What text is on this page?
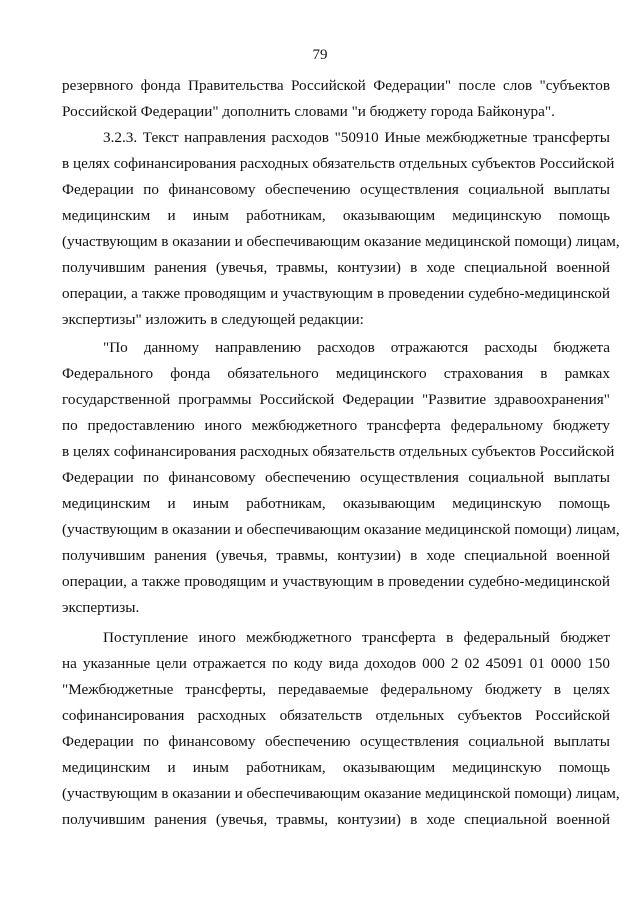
79
резервного фонда Правительства Российской Федерации" после слов "субъектов
Российской Федерации" дополнить словами "и бюджету города Байконура".
3.2.3. Текст направления расходов "50910 Иные межбюджетные трансферты
в целях софинансирования расходных обязательств отдельных субъектов Российской
Федерации по финансовому обеспечению осуществления социальной выплаты
медицинским и иным работникам, оказывающим медицинскую помощь
(участвующим в оказании и обеспечивающим оказание медицинской помощи) лицам,
получившим ранения (увечья, травмы, контузии) в ходе специальной военной
операции, а также проводящим и участвующим в проведении судебно-медицинской
экспертизы" изложить в следующей редакции:
"По данному направлению расходов отражаются расходы бюджета
Федерального фонда обязательного медицинского страхования в рамках
государственной программы Российской Федерации "Развитие здравоохранения"
по предоставлению иного межбюджетного трансферта федеральному бюджету
в целях софинансирования расходных обязательств отдельных субъектов Российской
Федерации по финансовому обеспечению осуществления социальной выплаты
медицинским и иным работникам, оказывающим медицинскую помощь
(участвующим в оказании и обеспечивающим оказание медицинской помощи) лицам,
получившим ранения (увечья, травмы, контузии) в ходе специальной военной
операции, а также проводящим и участвующим в проведении судебно-медицинской
экспертизы.
Поступление иного межбюджетного трансферта в федеральный бюджет
на указанные цели отражается по коду вида доходов 000 2 02 45091 01 0000 150
"Межбюджетные трансферты, передаваемые федеральному бюджету в целях
софинансирования расходных обязательств отдельных субъектов Российской
Федерации по финансовому обеспечению осуществления социальной выплаты
медицинским и иным работникам, оказывающим медицинскую помощь
(участвующим в оказании и обеспечивающим оказание медицинской помощи) лицам,
получившим ранения (увечья, травмы, контузии) в ходе специальной военной
